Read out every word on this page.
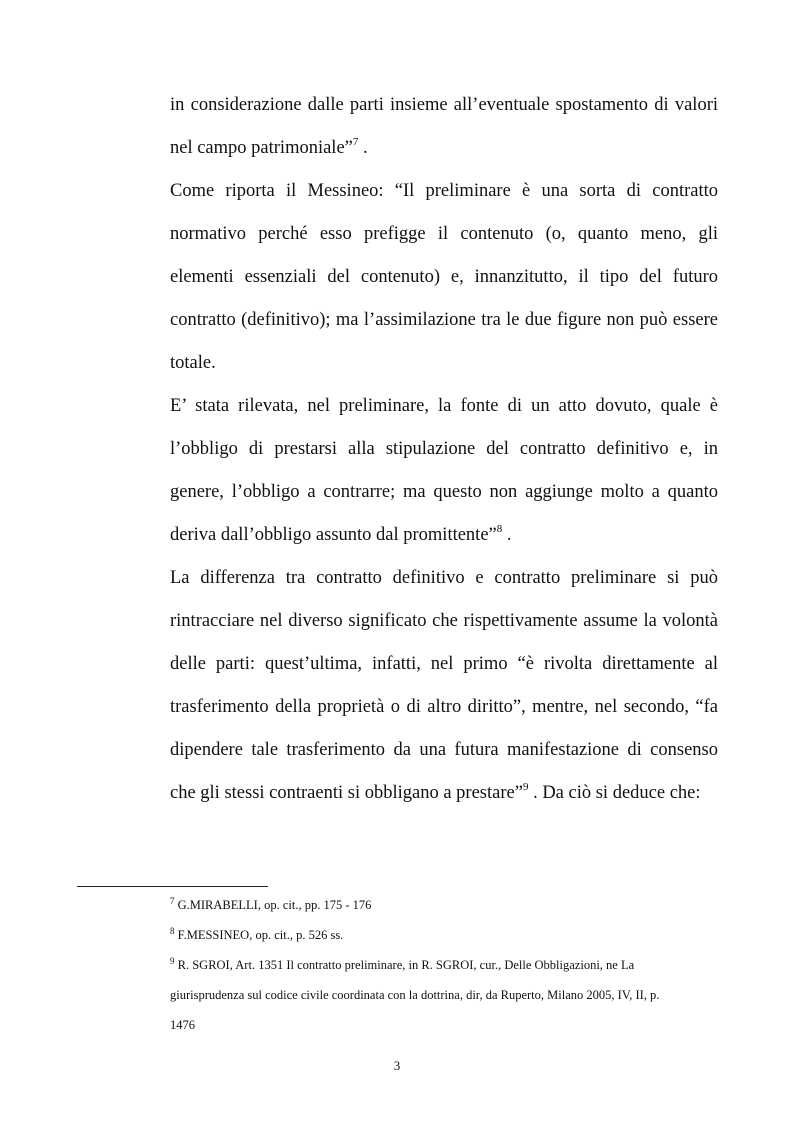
in considerazione dalle parti insieme all’eventuale spostamento di valori
nel campo patrimoniale”$^7$ .

Come riporta il Messineo: “Il preliminare è una sorta di contratto
normativo perché esso prefigge il contenuto (o, quanto meno, gli
elementi essenziali del contenuto) e, innanzitutto, il tipo del futuro
contratto (definitivo); ma l’assimilazione tra le due figure non può essere
totale.

E’ stata rilevata, nel preliminare, la fonte di un atto dovuto, quale è
l’obbligo di prestarsi alla stipulazione del contratto definitivo e, in
genere, l’obbligo a contrarre; ma questo non aggiunge molto a quanto
deriva dall’obbligo assunto dal promittente”$^8$ .

La differenza tra contratto definitivo e contratto preliminare si può
rintracciare nel diverso significato che rispettivamente assume la volontà
delle parti: quest’ultima, infatti, nel primo “è rivolta direttamente al
trasferimento della proprietà o di altro diritto”, mentre, nel secondo, “fa
dipendere tale trasferimento da una futura manifestazione di consenso
che gli stessi contraenti si obbligano a prestare”$^9$ . Da ciò si deduce che:

$^7$ G.MIRABELLI, op. cit., pp. 175 - 176

$^8$ F.MESSINEO, op. cit., p. 526 ss.

$^9$ R. SGROI, Art. 1351 Il contratto preliminare, in R. SGROI, cur., Delle Obbligazioni, ne La

giurisprudenza sul codice civile coordinata con la dottrina, dir, da Ruperto, Milano 2005, IV, II, p.

1476

3
